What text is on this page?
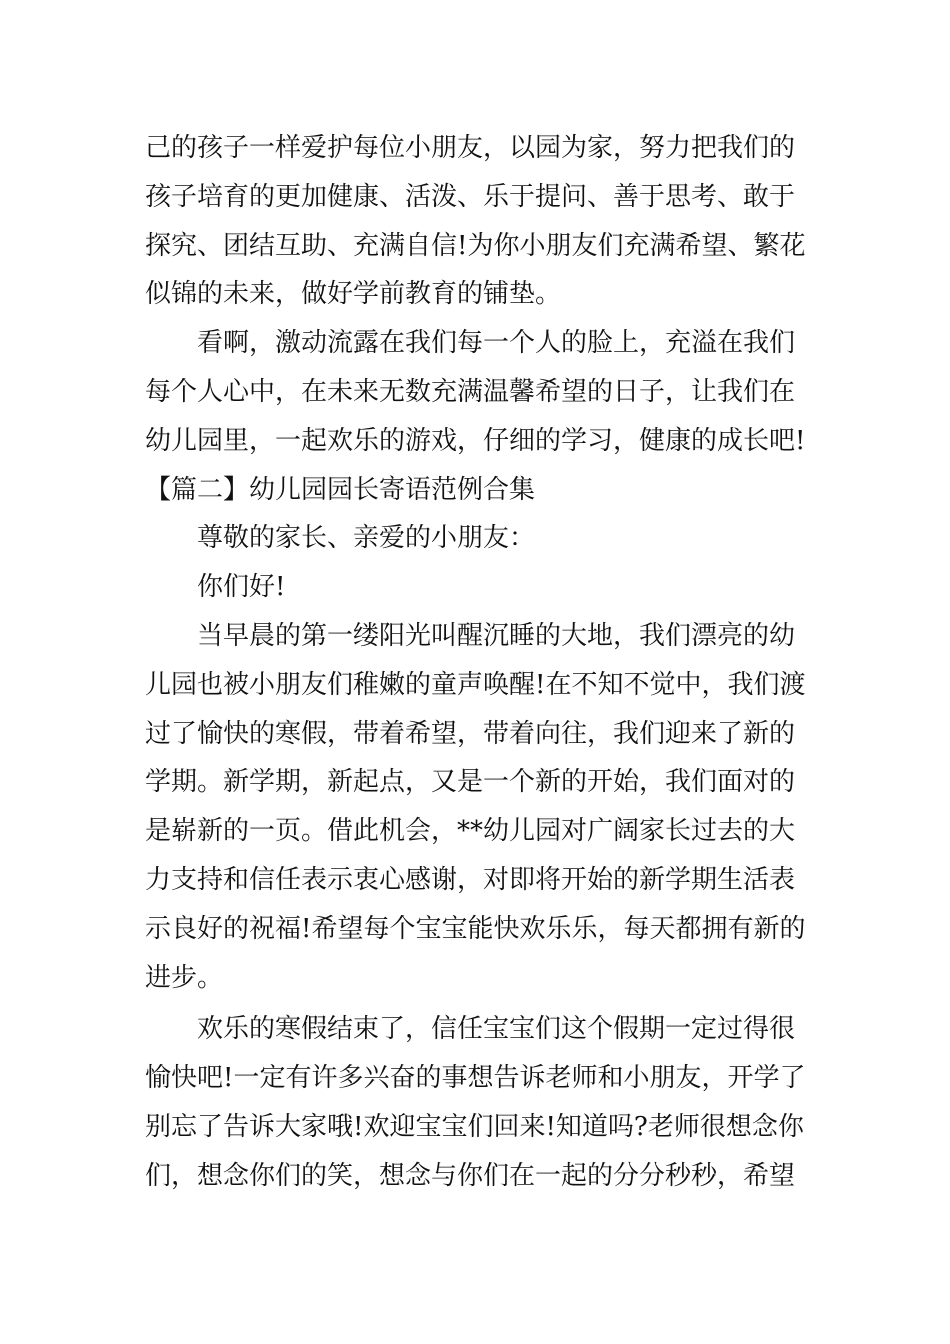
己的孩子一样爱护每位小朋友，以园为家，努力把我们的
孩子培育的更加健康、活泼、乐于提问、善于思考、敢于
探究、团结互助、充满自信!为你小朋友们充满希望、繁花
似锦的未来，做好学前教育的铺垫。
看啊，激动流露在我们每一个人的脸上，充溢在我们
每个人心中，在未来无数充满温馨希望的日子，让我们在
幼儿园里，一起欢乐的游戏，仔细的学习，健康的成长吧!
【篇二】幼儿园园长寄语范例合集
尊敬的家长、亲爱的小朋友：
你们好!
当早晨的第一缕阳光叫醒沉睡的大地，我们漂亮的幼
儿园也被小朋友们稚嫩的童声唤醒!在不知不觉中，我们渡
过了愉快的寒假，带着希望，带着向往，我们迎来了新的
学期。新学期，新起点，又是一个新的开始，我们面对的
是崭新的一页。借此机会，**幼儿园对广阔家长过去的大
力支持和信任表示衷心感谢，对即将开始的新学期生活表
示良好的祝福!希望每个宝宝能快欢乐乐，每天都拥有新的
进步。
欢乐的寒假结束了，信任宝宝们这个假期一定过得很
愉快吧!一定有许多兴奋的事想告诉老师和小朋友，开学了
别忘了告诉大家哦!欢迎宝宝们回来!知道吗?老师很想念你
们，想念你们的笑，想念与你们在一起的分分秒秒，希望
